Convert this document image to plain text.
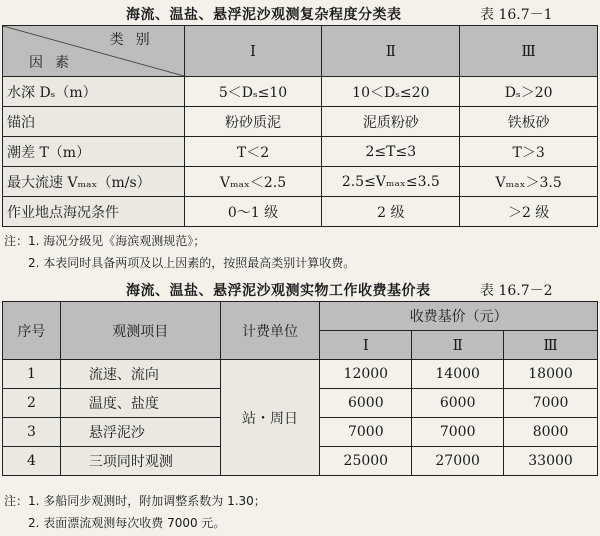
海流、温盐、悬浮泥沙观测复杂程度分类表	表 16.7－1
类别
因素	Ⅰ	Ⅱ	Ⅲ
水深 Dₛ（m）	5＜Dₛ≤10	10＜Dₛ≤20	Dₛ＞20
锚泊	粉砂质泥	泥质粉砂	铁板砂
潮差 T（m）	T＜2	2≤T≤3	T＞3
最大流速 Vₘₐₓ（m/s）	Vₘₐₓ＜2.5	2.5≤Vₘₐₓ≤3.5	Vₘₐₓ＞3.5
作业地点海况条件	0～1 级	2 级	＞2 级
注：1. 海况分级见《海滨观测规范》；
2. 本表同时具备两项及以上因素的，按照最高类别计算收费。
海流、温盐、悬浮泥沙观测实物工作收费基价表	表 16.7－2
序号	观测项目	计费单位	收费基价（元）		
			Ⅰ	Ⅱ	Ⅲ
1	流速、流向	站・周日	12000	14000	18000
2	温度、盐度		6000	6000	7000
3	悬浮泥沙		7000	7000	8000
4	三项同时观测		25000	27000	33000
注：1. 多船同步观测时，附加调整系数为 1.30；
2. 表面漂流观测每次收费 7000 元。
